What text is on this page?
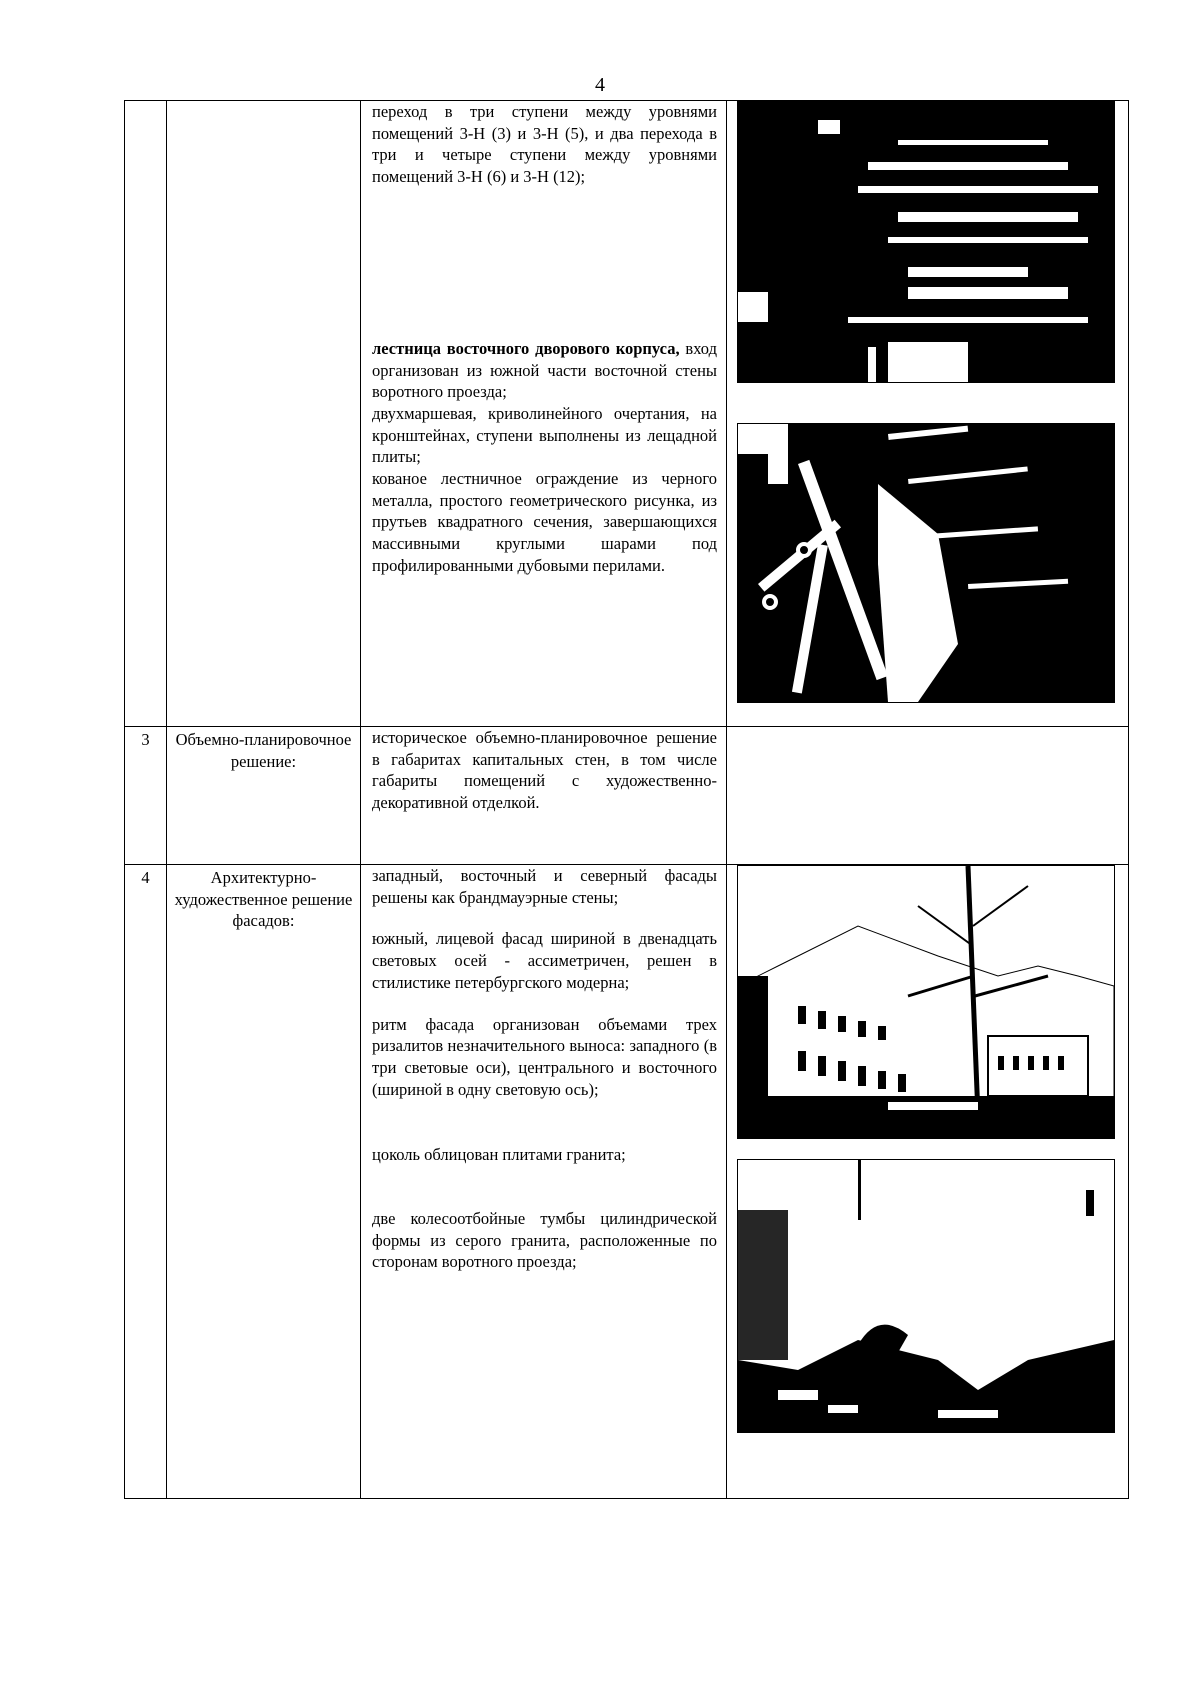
4

		переход в три ступени между уровнями помещений 3-Н (3) и 3-Н (5), и два перехода в три и четыре ступени между уровнями помещений 3-Н (6) и 3-Н (12);

лестница восточного дворового корпуса, вход организован из южной части восточной стены воротного проезда;

двухмаршевая, криволинейного очертания, на кронштейнах, ступени выполнены из лещадной плиты;

кованое лестничное ограждение из черного металла, простого геометрического рисунка, из прутьев квадратного сечения, завершающихся массивными круглыми шарами под профилированными дубовыми перилами.

3	Объемно-планировочное решение:	историческое объемно-планировочное решение в габаритах капитальных стен, в том числе габариты помещений с художественно-декоративной отделкой.	

4	Архитектурно-художественное решение фасадов:	западный, восточный и северный фасады решены как брандмауэрные стены;

южный, лицевой фасад шириной в двенадцать световых осей - ассиметричен, решен в стилистике петербургского модерна;

ритм фасада организован объемами трех ризалитов незначительного выноса: западного (в три световые оси), центрального и восточного (шириной в одну световую ось);

цоколь облицован плитами гранита;

две колесоотбойные тумбы цилиндрической формы из серого гранита, расположенные по сторонам воротного проезда;
